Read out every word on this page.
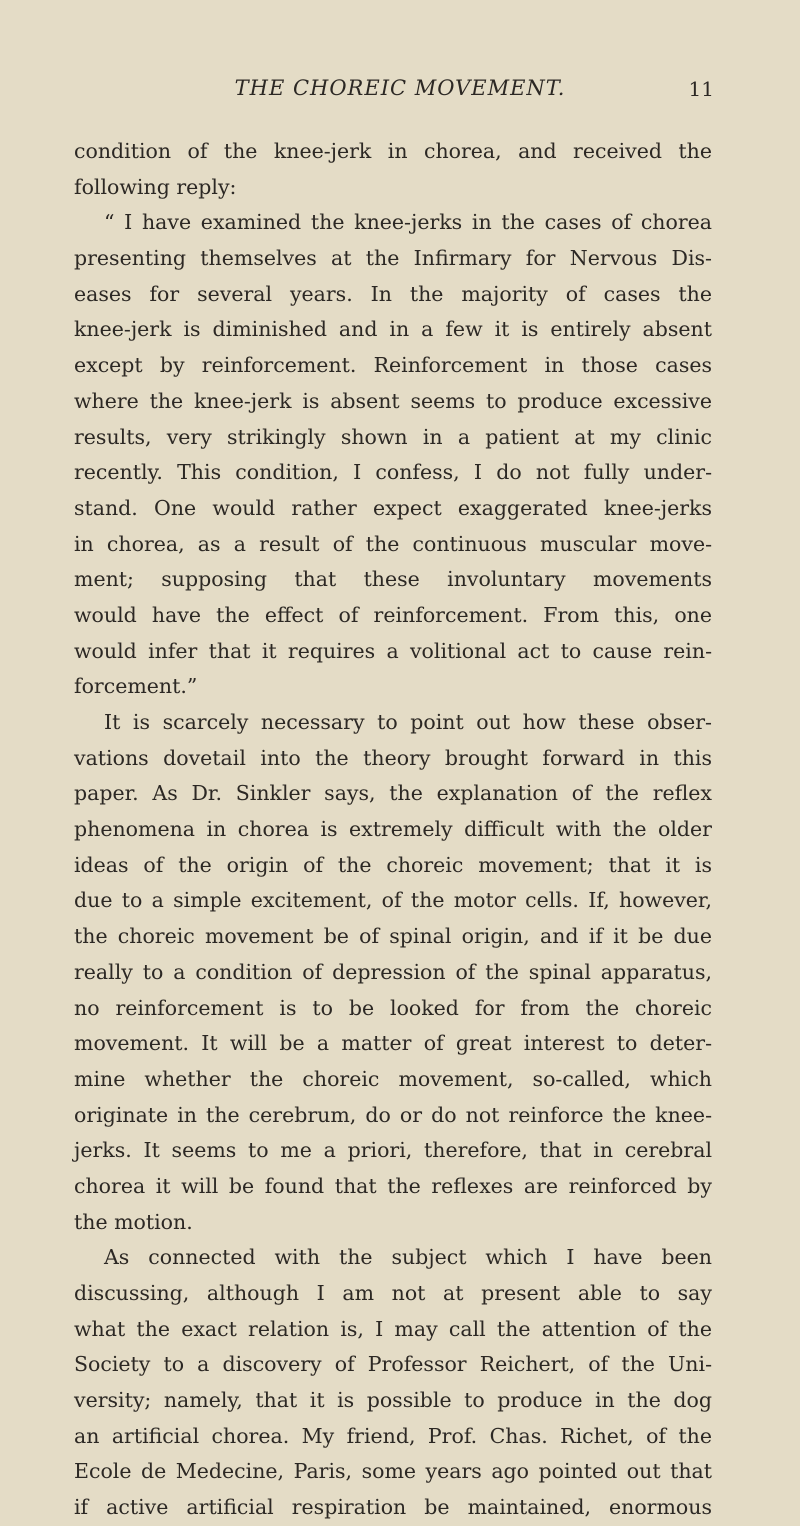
THE CHOREIC MOVEMENT.	11
condition of the knee-jerk in chorea, and received the
following reply:
“ I have examined the knee-jerks in the cases of chorea
presenting themselves at the Infirmary for Nervous Dis-
eases for several years. In the majority of cases the
knee-jerk is diminished and in a few it is entirely absent
except by reinforcement. Reinforcement in those cases
where the knee-jerk is absent seems to produce excessive
results, very strikingly shown in a patient at my clinic
recently. This condition, I confess, I do not fully under-
stand. One would rather expect exaggerated knee-jerks
in chorea, as a result of the continuous muscular move-
ment; supposing that these involuntary movements
would have the effect of reinforcement. From this, one
would infer that it requires a volitional act to cause rein-
forcement.”
It is scarcely necessary to point out how these obser-
vations dovetail into the theory brought forward in this
paper. As Dr. Sinkler says, the explanation of the reflex
phenomena in chorea is extremely difficult with the older
ideas of the origin of the choreic movement; that it is
due to a simple excitement, of the motor cells. If, however,
the choreic movement be of spinal origin, and if it be due
really to a condition of depression of the spinal apparatus,
no reinforcement is to be looked for from the choreic
movement. It will be a matter of great interest to deter-
mine whether the choreic movement, so-called, which
originate in the cerebrum, do or do not reinforce the knee-
jerks. It seems to me a priori, therefore, that in cerebral
chorea it will be found that the reflexes are reinforced by
the motion.
As connected with the subject which I have been
discussing, although I am not at present able to say
what the exact relation is, I may call the attention of the
Society to a discovery of Professor Reichert, of the Uni-
versity; namely, that it is possible to produce in the dog
an artificial chorea. My friend, Prof. Chas. Richet, of the
Ecole de Medecine, Paris, some years ago pointed out that
if active artificial respiration be maintained, enormous
